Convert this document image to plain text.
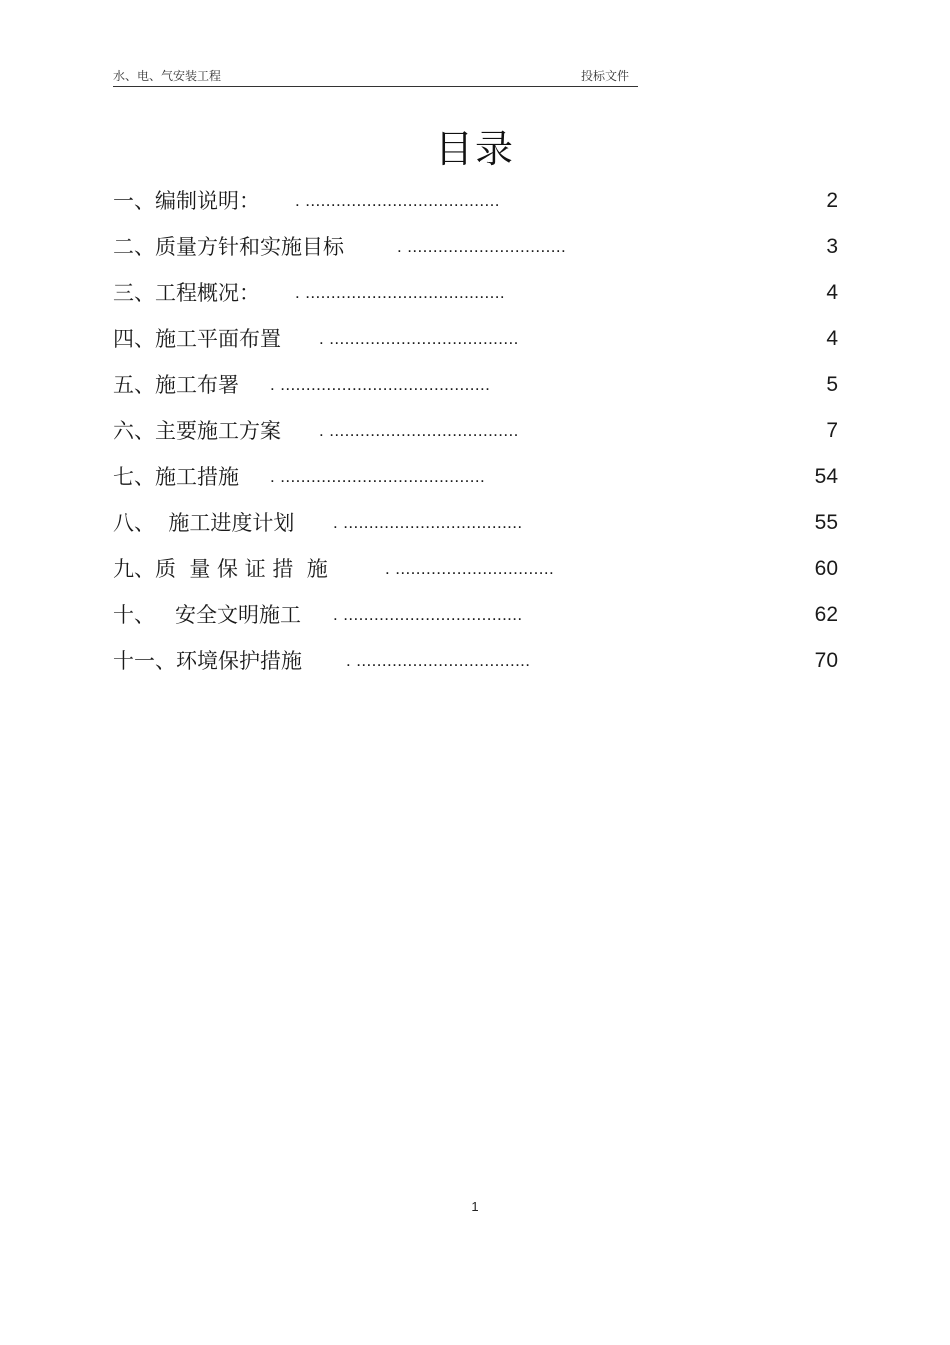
水、电、气安装工程	投标文件
目录
一、编制说明： . ......................................	2
二、质量方针和实施目标	. ...............................	3
三、工程概况： . .......................................	4
四、施工平面布置 . .....................................	4
五、施工布署 . .........................................	5
六、主要施工方案 . .....................................	7
七、施工措施 . ........................................	54
八、  施工进度计划 . ...................................	55
九、质  量 保 证 措  施	. ...............................	60
十、   安全文明施工 . ...................................	62
十一、环境保护措施	. ..................................	70
1
